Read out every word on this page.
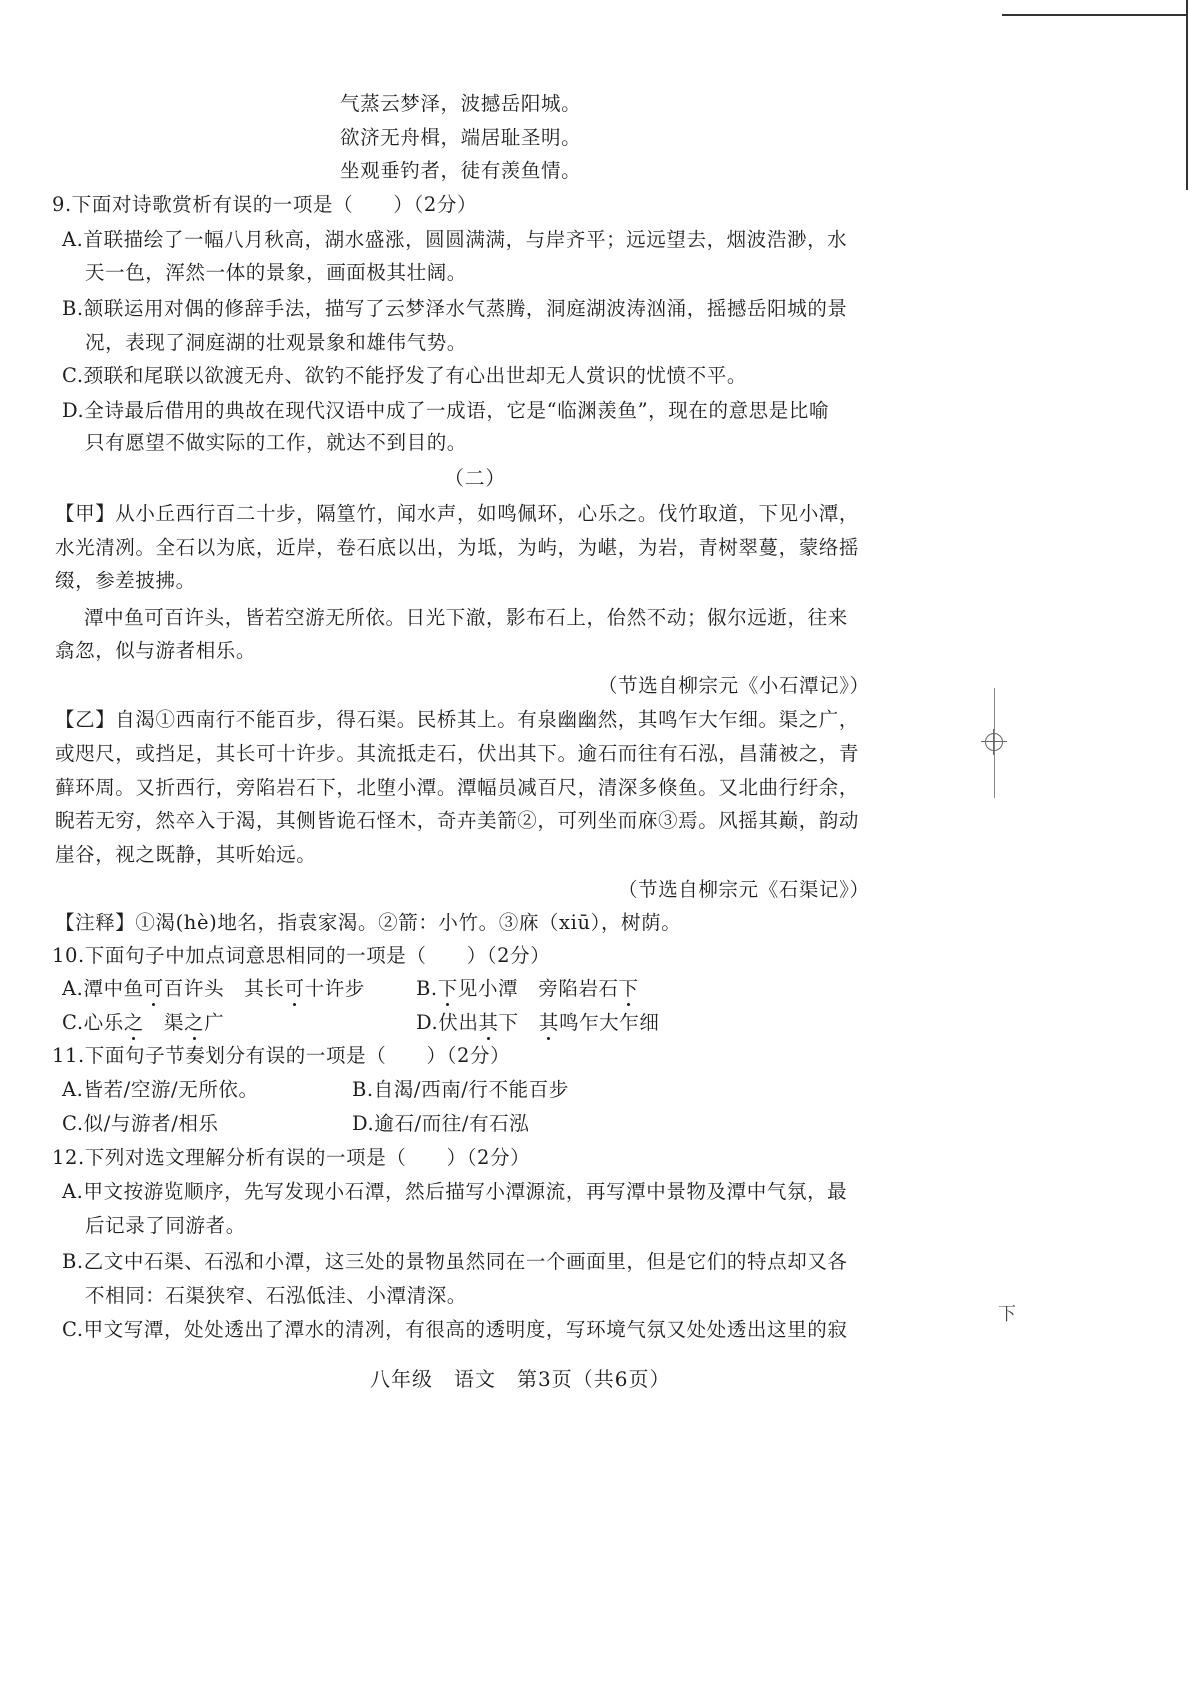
下
气蒸云梦泽，波撼岳阳城。
欲济无舟楫，端居耻圣明。
坐观垂钓者，徒有羡鱼情。
9.下面对诗歌赏析有误的一项是（　　）（2分）
A.首联描绘了一幅八月秋高，湖水盛涨，圆圆满满，与岸齐平；远远望去，烟波浩渺，水
天一色，浑然一体的景象，画面极其壮阔。
B.颔联运用对偶的修辞手法，描写了云梦泽水气蒸腾，洞庭湖波涛汹涌，摇撼岳阳城的景
况，表现了洞庭湖的壮观景象和雄伟气势。
C.颈联和尾联以欲渡无舟、欲钓不能抒发了有心出世却无人赏识的忧愤不平。
D.全诗最后借用的典故在现代汉语中成了一成语，它是“临渊羡鱼”，现在的意思是比喻
只有愿望不做实际的工作，就达不到目的。
（二）
【甲】从小丘西行百二十步，隔篁竹，闻水声，如鸣佩环，心乐之。伐竹取道，下见小潭，
水光清冽。全石以为底，近岸，卷石底以出，为坻，为屿，为嵁，为岩，青树翠蔓，蒙络摇
缀，参差披拂。
潭中鱼可百许头，皆若空游无所依。日光下澈，影布石上，佁然不动；俶尔远逝，往来
翕忽，似与游者相乐。
（节选自柳宗元《小石潭记》）
【乙】自渴①西南行不能百步，得石渠。民桥其上。有泉幽幽然，其鸣乍大乍细。渠之广，
或咫尺，或挡足，其长可十许步。其流抵走石，伏出其下。逾石而往有石泓，昌蒲被之，青
藓环周。又折西行，旁陷岩石下，北堕小潭。潭幅员减百尺，清深多倏鱼。又北曲行纡余，
睨若无穷，然卒入于渴，其侧皆诡石怪木，奇卉美箭②，可列坐而庥③焉。风摇其巅，韵动
崖谷，视之既静，其听始远。
（节选自柳宗元《石渠记》）
【注释】①渴(hè)地名，指袁家渴。②箭：小竹。③庥（xiū），树荫。
10.下面句子中加点词意思相同的一项是（　　）（2分）
A.潭中鱼可百许头　其长可十许步	B.下见小潭　旁陷岩石下
C.心乐之　渠之广	D.伏出其下　其鸣乍大乍细
11.下面句子节奏划分有误的一项是（　　）（2分）
A.皆若/空游/无所依。	B.自渴/西南/行不能百步
C.似/与游者/相乐	D.逾石/而往/有石泓
12.下列对选文理解分析有误的一项是（　　）（2分）
A.甲文按游览顺序，先写发现小石潭，然后描写小潭源流，再写潭中景物及潭中气氛，最
后记录了同游者。
B.乙文中石渠、石泓和小潭，这三处的景物虽然同在一个画面里，但是它们的特点却又各
不相同：石渠狭窄、石泓低洼、小潭清深。
C.甲文写潭，处处透出了潭水的清冽，有很高的透明度，写环境气氛又处处透出这里的寂
八年级　语文　第3页（共6页）
